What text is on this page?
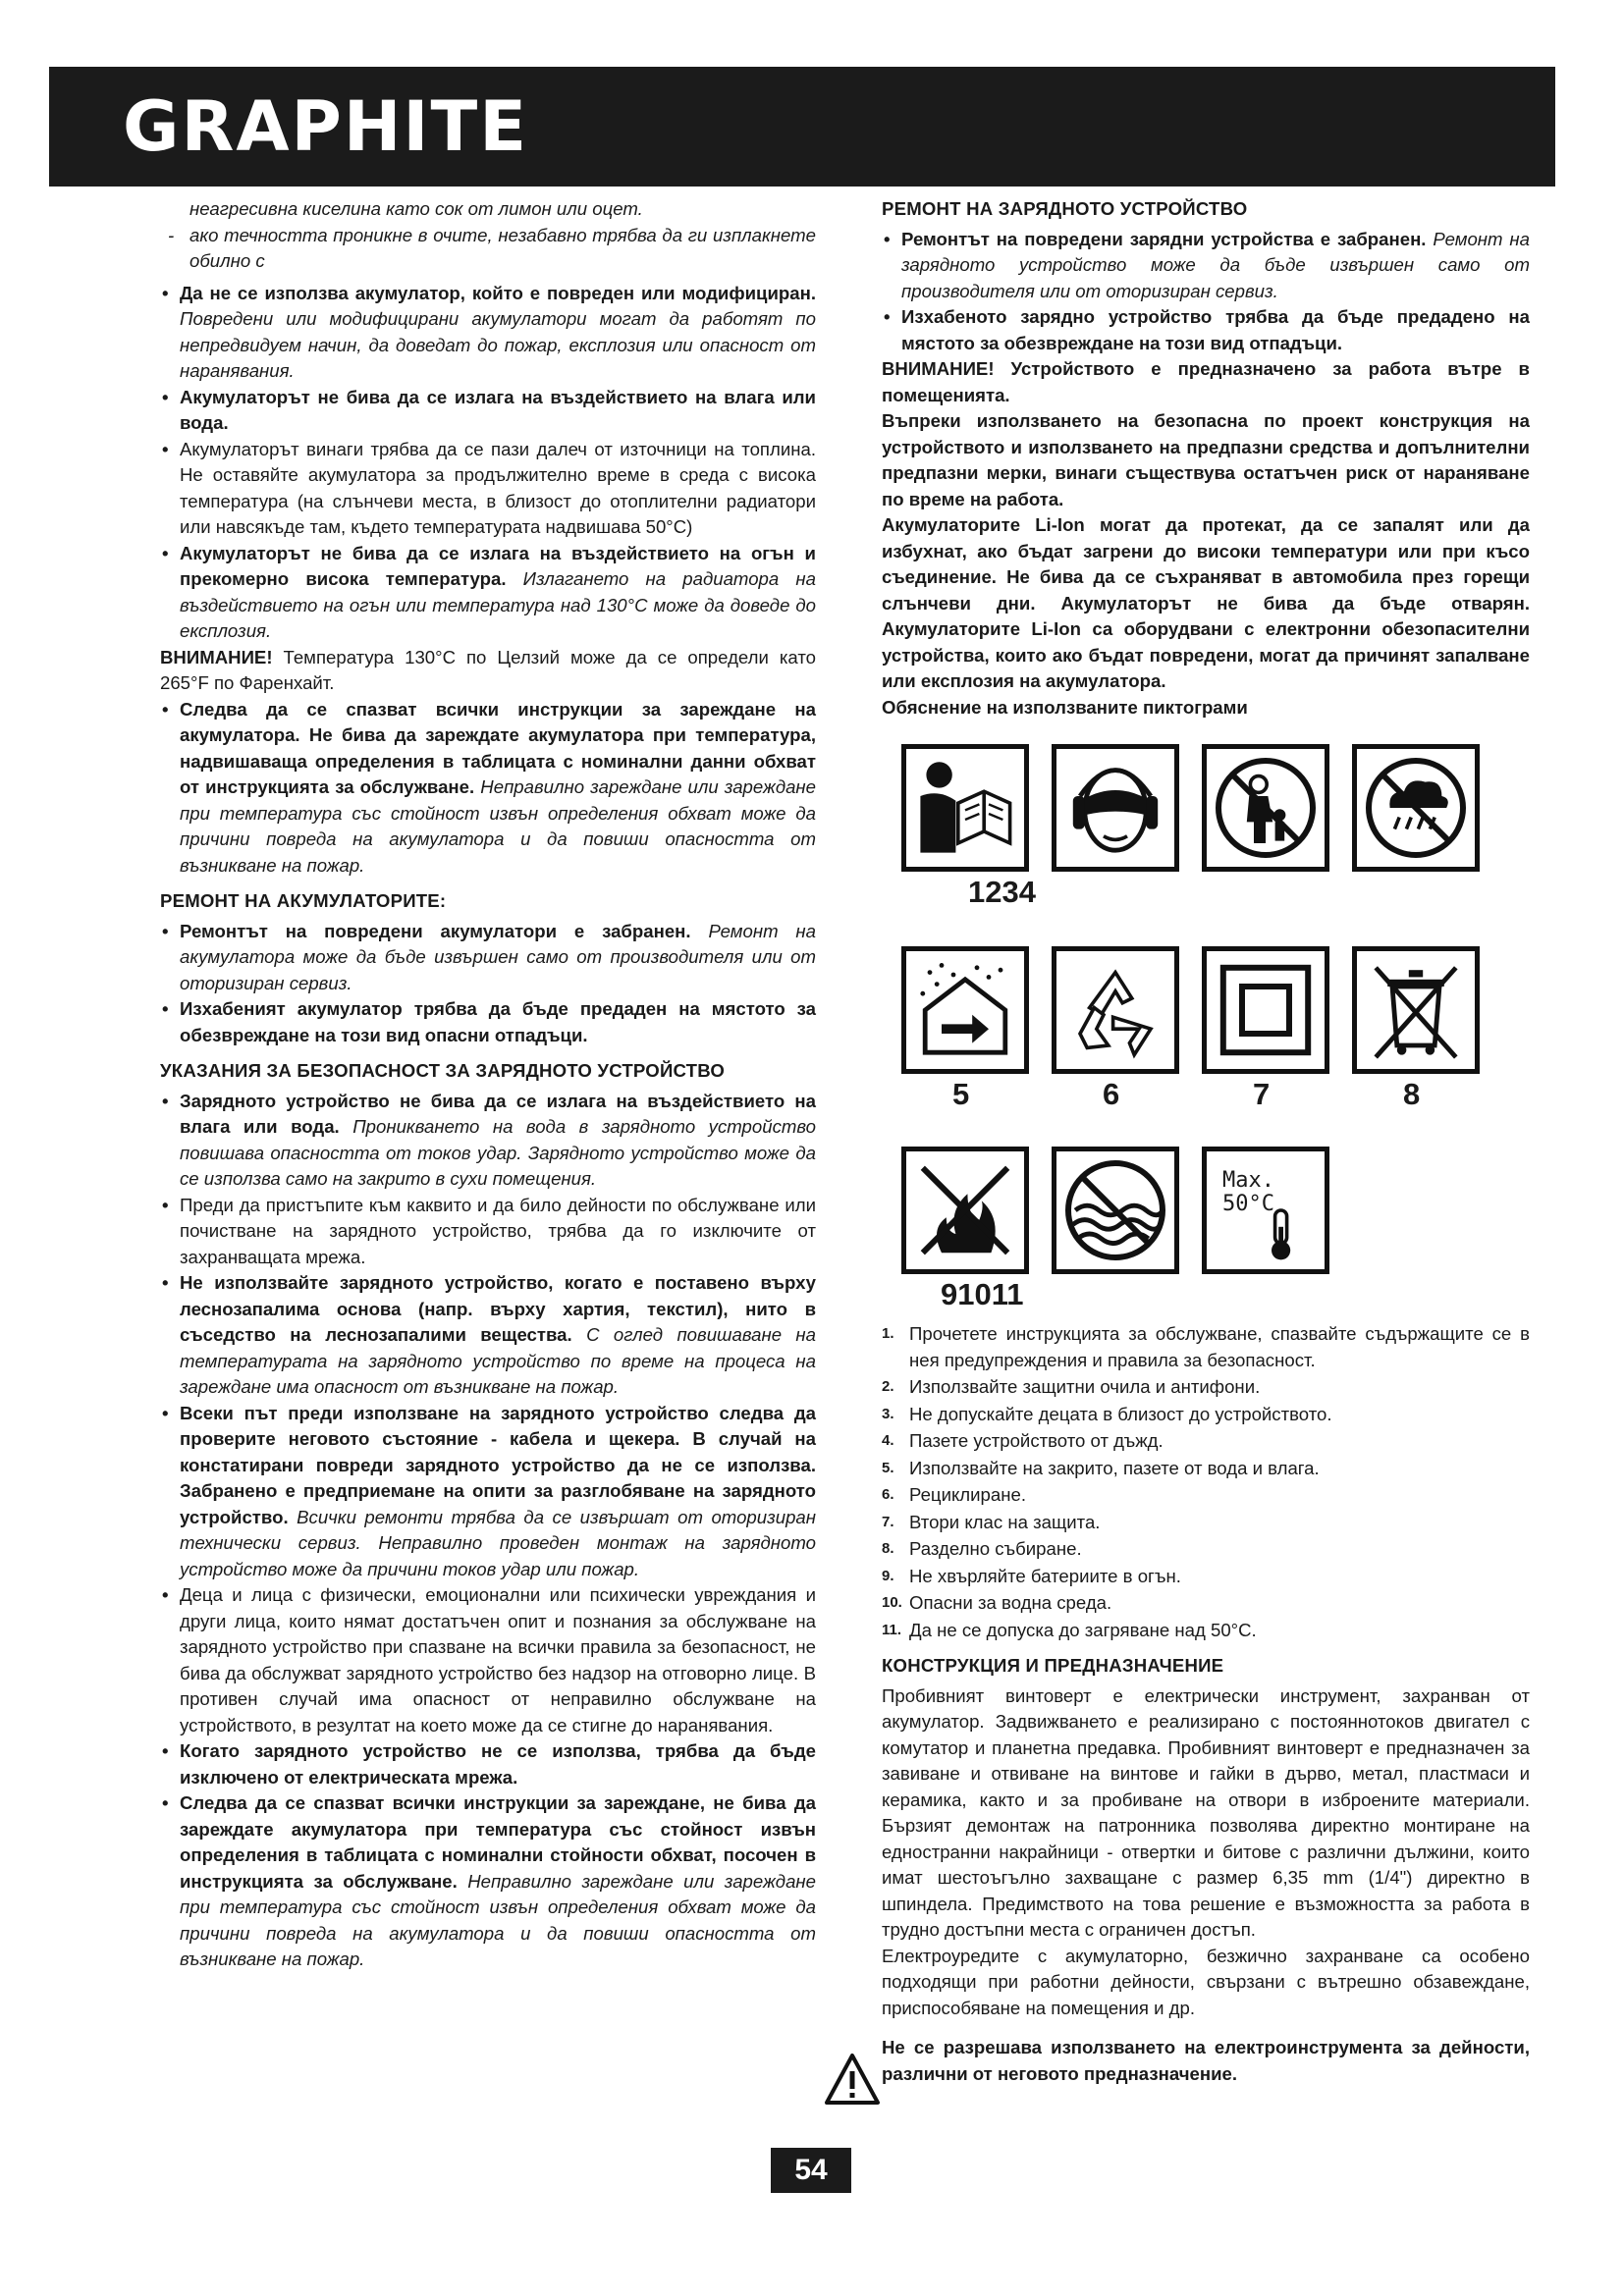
GRAPHITE

неагресивна киселина като сок от лимон или оцет.

- ако течността проникне в очите, незабавно трябва да ги изплакнете обилно с

• Да не се използва акумулатор, който е повреден или модифициран. Повредени или модифицирани акумулатори могат да работят по непредвидуем начин, да доведат до пожар, експлозия или опасност от наранявания.

• Акумулаторът не бива да се излага на въздействието на влага или вода.

• Акумулаторът винаги трябва да се пази далеч от източници на топлина. Не оставяйте акумулатора за продължително време в среда с висока температура (на слънчеви места, в близост до отоплителни радиатори или навсякъде там, където температурата надвишава 50°C)

• Акумулаторът не бива да се излага на въздействието на огън и прекомерно висока температура. Излагането на радиатора на въздействието на огън или температура над 130°C може да доведе до експлозия.

ВНИМАНИЕ! Температура 130°C по Целзий може да се определи като 265°F по Фаренхайт.

• Следва да се спазват всички инструкции за зареждане на акумулатора. Не бива да зареждате акумулатора при температура, надвишаваща определения в таблицата с номинални данни обхват от инструкцията за обслужване. Неправилно зареждане или зареждане при температура със стойност извън определения обхват може да причини повреда на акумулатора и да повиши опасността от възникване на пожар.

РЕМОНТ НА АКУМУЛАТОРИТЕ:

• Ремонтът на повредени акумулатори е забранен. Ремонт на акумулатора може да бъде извършен само от производителя или от оторизиран сервиз.

• Изхабеният акумулатор трябва да бъде предаден на мястото за обезвреждане на този вид опасни отпадъци.

УКАЗАНИЯ ЗА БЕЗОПАСНОСТ ЗА ЗАРЯДНОТО УСТРОЙСТВО

• Зарядното устройство не бива да се излага на въздействието на влага или вода. Проникването на вода в зарядното устройство повишава опасността от токов удар. Зарядното устройство може да се използва само на закрито в сухи помещения.

• Преди да пристъпите към каквито и да било дейности по обслужване или почистване на зарядното устройство, трябва да го изключите от захранващата мрежа.

• Не използвайте зарядното устройство, когато е поставено върху леснозапалима основа (напр. върху хартия, текстил), нито в съседство на леснозапалими вещества. С оглед повишаване на температурата на зарядното устройство по време на процеса на зареждане има опасност от възникване на пожар.

• Всеки път преди използване на зарядното устройство следва да проверите неговото състояние - кабела и щекера. В случай на констатирани повреди зарядното устройство да не се използва. Забранено е предприемане на опити за разглобяване на зарядното устройство. Всички ремонти трябва да се извършат от оторизиран технически сервиз. Неправилно проведен монтаж на зарядното устройство може да причини токов удар или пожар.

• Деца и лица с физически, емоционални или психически увреждания и други лица, които нямат достатъчен опит и познания за обслужване на зарядното устройство при спазване на всички правила за безопасност, не бива да обслужват зарядното устройство без надзор на отговорно лице. В противен случай има опасност от неправилно обслужване на устройството, в резултат на което може да се стигне до наранявания.

• Когато зарядното устройство не се използва, трябва да бъде изключено от електрическата мрежа.

• Следва да се спазват всички инструкции за зареждане, не бива да зареждате акумулатора при температура със стойност извън определения в таблицата с номинални стойности обхват, посочен в инструкцията за обслужване. Неправилно зареждане или зареждане при температура със стойност извън определения обхват може да причини повреда на акумулатора и да повиши опасността от възникване на пожар.

РЕМОНТ НА ЗАРЯДНОТО УСТРОЙСТВО

• Ремонтът на повредени зарядни устройства е забранен. Ремонт на зарядното устройство може да бъде извършен само от производителя или от оторизиран сервиз.

• Изхабеното зарядно устройство трябва да бъде предадено на мястото за обезвреждане на този вид отпадъци.

ВНИМАНИЕ! Устройството е предназначено за работа вътре в помещенията.

Въпреки използването на безопасна по проект конструкция на устройството и използването на предпазни средства и допълнителни предпазни мерки, винаги съществува остатъчен риск от нараняване по време на работа.

Акумулаторите Li-Ion могат да протекат, да се запалят или да избухнат, ако бъдат загрени до високи температури или при късо съединение. Не бива да се съхраняват в автомобила през горещи слънчеви дни. Акумулаторът не бива да бъде отварян. Акумулаторите Li-Ion са оборудвани с електронни обезопасителни устройства, които ако бъдат повредени, могат да причинят запалване или експлозия на акумулатора.

Обяснение на използваните пиктограми

1234
5	6	7	8
Max.
50°C
91011
1. Прочетете инструкцията за обслужване, спазвайте съдържащите се в нея предупреждения и правила за безопасност.
2. Използвайте защитни очила и антифони.
3. Не допускайте децата в близост до устройството.
4. Пазете устройството от дъжд.
5. Използвайте на закрито, пазете от вода и влага.
6. Рециклиране.
7. Втори клас на защита.
8. Разделно събиране.
9. Не хвърляйте батериите в огън.
10. Опасни за водна среда.
11. Да не се допуска до загряване над 50°C.

КОНСТРУКЦИЯ И ПРЕДНАЗНАЧЕНИЕ

Пробивният винтоверт е електрически инструмент, захранван от акумулатор. Задвижването е реализирано с постояннотоков двигател с комутатор и планетна предавка. Пробивният винтоверт е предназначен за завиване и отвиване на винтове и гайки в дърво, метал, пластмаси и керамика, както и за пробиване на отвори в изброените материали. Бързият демонтаж на патронника позволява директно монтиране на едностранни накрайници - отвертки и битове с различни дължини, които имат шестоъгълно захващане с размер 6,35 mm (1/4") директно в шпиндела. Предимството на това решение е възможността за работа в трудно достъпни места с ограничен достъп.

Електроуредите с акумулаторно, безжично захранване са особено подходящи при работни дейности, свързани с вътрешно обзавеждане, приспособяване на помещения и др.

Не се разрешава използването на електроинструмента за дейности, различни от неговото предназначение.

54
